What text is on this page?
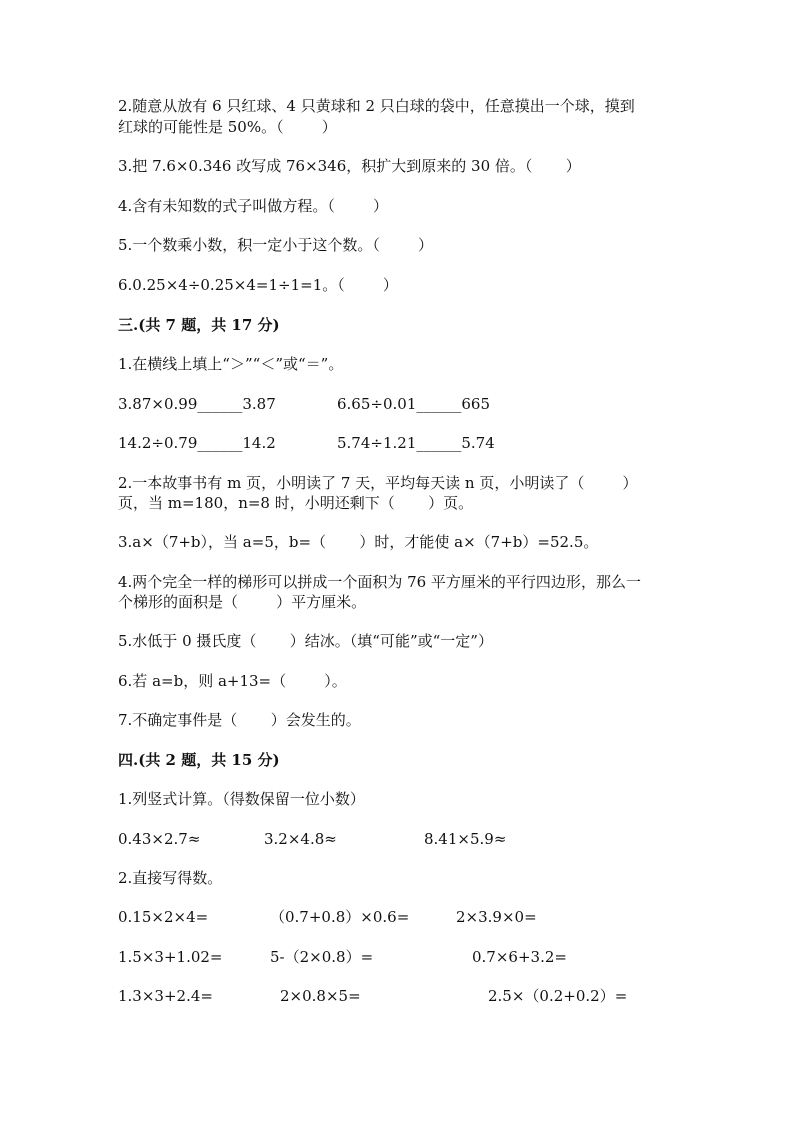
2.随意从放有 6 只红球、4 只黄球和 2 只白球的袋中，任意摸出一个球，摸到
红球的可能性是 50%。（        ）
3.把 7.6×0.346 改写成 76×346，积扩大到原来的 30 倍。（       ）
4.含有未知数的式子叫做方程。（        ）
5.一个数乘小数，积一定小于这个数。（        ）
6.0.25×4÷0.25×4=1÷1=1。（        ）
三.(共 7 题，共 17 分)
1.在横线上填上“＞”“＜”或“＝”。
3.87×0.99______3.87	6.65÷0.01______665
14.2÷0.79______14.2	5.74÷1.21______5.74
2.一本故事书有 m 页，小明读了 7 天，平均每天读 n 页，小明读了（        ）
页，当 m=180，n=8 时，小明还剩下（       ）页。
3.a×（7+b），当 a=5，b=（       ）时，才能使 a×（7+b）=52.5。
4.两个完全一样的梯形可以拼成一个面积为 76 平方厘米的平行四边形，那么一
个梯形的面积是（        ）平方厘米。
5.水低于 0 摄氏度（       ）结冰。（填“可能”或“一定”）
6.若 a=b，则 a+13=（        ）。
7.不确定事件是（       ）会发生的。
四.(共 2 题，共 15 分)
1.列竖式计算。（得数保留一位小数）
0.43×2.7≈	3.2×4.8≈	8.41×5.9≈
2.直接写得数。
0.15×2×4=	（0.7+0.8）×0.6=	2×3.9×0=
1.5×3+1.02=	5-（2×0.8）=	0.7×6+3.2=
1.3×3+2.4=	2×0.8×5=	2.5×（0.2+0.2）=
